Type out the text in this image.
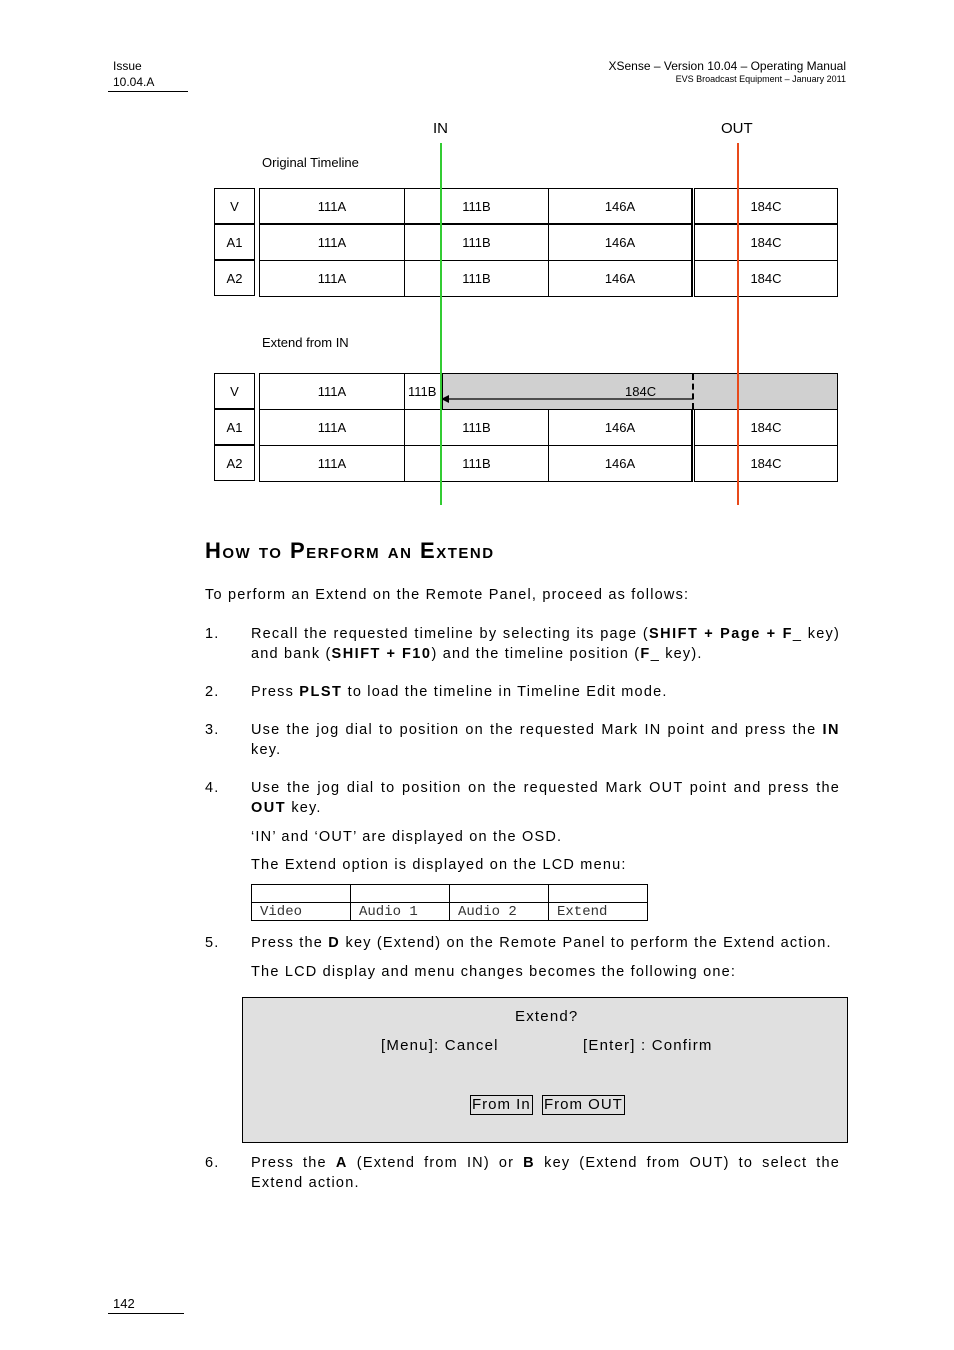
Issue
10.04.A
XSense – Version 10.04 – Operating Manual
EVS Broadcast Equipment – January 2011
IN	OUT
Original Timeline
V	111A	111B	146A	184C
A1	111A	111B	146A	184C
A2	111A	111B	146A	184C
Extend from IN
V	111A	111B	184C
A1	111A	111B	146A	184C
A2	111A	111B	146A	184C
How to Perform an Extend
To perform an Extend on the Remote Panel, proceed as follows:
1.	Recall the requested timeline by selecting its page (SHIFT + Page + F_ key) and bank (SHIFT + F10) and the timeline position (F_ key).
2.	Press PLST to load the timeline in Timeline Edit mode.
3.	Use the jog dial to position on the requested Mark IN point and press the IN key.
4.	Use the jog dial to position on the requested Mark OUT point and press the OUT key.
‘IN’ and ‘OUT’ are displayed on the OSD.
The Extend option is displayed on the LCD menu:

Video	Audio 1	Audio 2	Extend
5.	Press the D key (Extend) on the Remote Panel to perform the Extend action.
The LCD display and menu changes becomes the following one:
Extend?
[Menu]: Cancel	[Enter] : Confirm
From In From OUT
6.	Press the A (Extend from IN) or B key (Extend from OUT) to select the Extend action.
142
